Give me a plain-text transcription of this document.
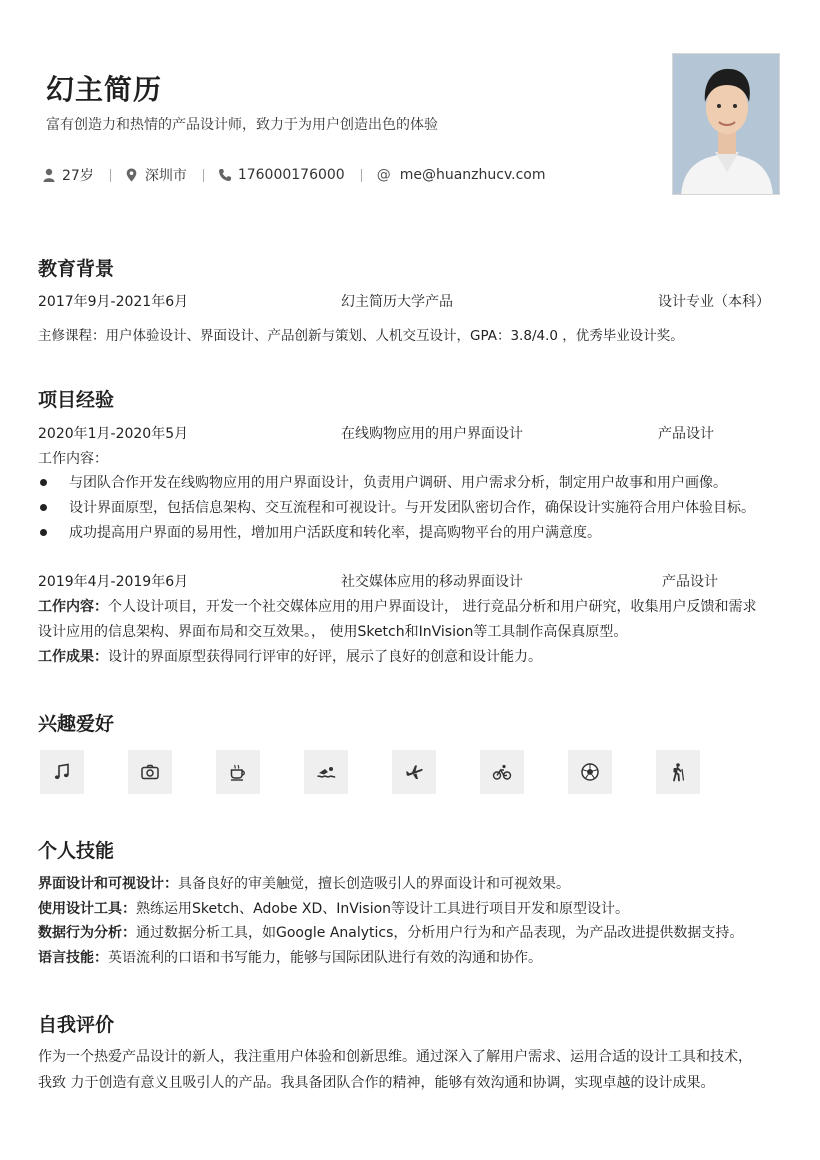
幻主简历
富有创造力和热情的产品设计师，致力于为用户创造出色的体验
27岁	深圳市	176000176000 @ me@huanzhucv.com
教育背景
2017年9月-2021年6月	幻主简历大学产品	设计专业（本科）
主修课程：用户体验设计、界面设计、产品创新与策划、人机交互设计，GPA：3.8/4.0 ，优秀毕业设计奖。
项目经验
2020年1月-2020年5月	在线购物应用的用户界面设计	产品设计
工作内容：
与团队合作开发在线购物应用的用户界面设计，负责用户调研、用户需求分析，制定用户故事和用户画像。
设计界面原型，包括信息架构、交互流程和可视设计。与开发团队密切合作，确保设计实施符合用户体验目标。
成功提高用户界面的易用性，增加用户活跃度和转化率，提高购物平台的用户满意度。
2019年4月-2019年6月	社交媒体应用的移动界面设计	产品设计
工作内容：个人设计项目，开发一个社交媒体应用的用户界面设计， 进行竞品分析和用户研究，收集用户反馈和需求
设计应用的信息架构、界面布局和交互效果。， 使用Sketch和InVision等工具制作高保真原型。
工作成果：设计的界面原型获得同行评审的好评，展示了良好的创意和设计能力。
兴趣爱好
个人技能
界面设计和可视设计：具备良好的审美触觉，擅长创造吸引人的界面设计和可视效果。
使用设计工具：熟练运用Sketch、Adobe XD、InVision等设计工具进行项目开发和原型设计。
数据行为分析：通过数据分析工具，如Google Analytics，分析用户行为和产品表现，为产品改进提供数据支持。
语言技能：英语流利的口语和书写能力，能够与国际团队进行有效的沟通和协作。
自我评价
作为一个热爱产品设计的新人，我注重用户体验和创新思维。通过深入了解用户需求、运用合适的设计工具和技术，
我致 力于创造有意义且吸引人的产品。我具备团队合作的精神，能够有效沟通和协调，实现卓越的设计成果。
